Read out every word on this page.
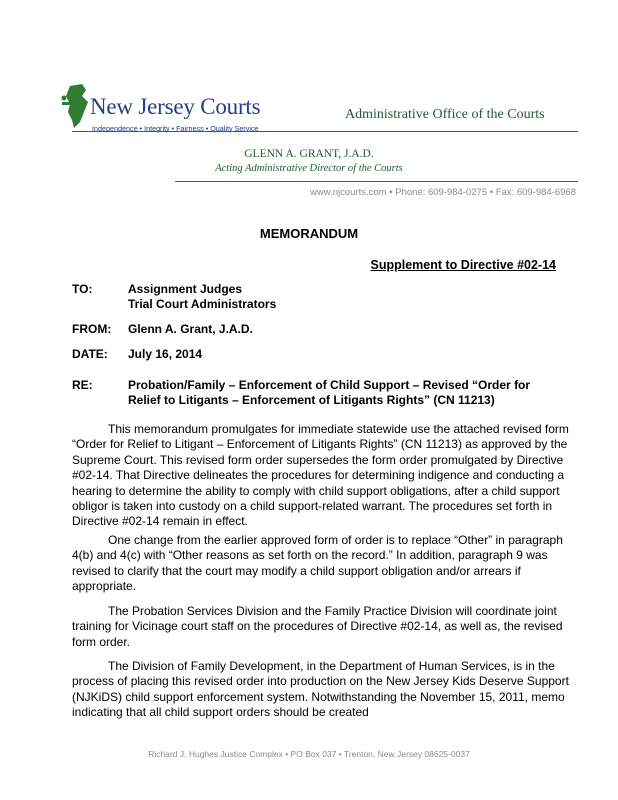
New Jersey Courts
Independence • Integrity • Fairness • Quality Service
Administrative Office of the Courts
GLENN A. GRANT, J.A.D.
Acting Administrative Director of the Courts
www.njcourts.com • Phone: 609-984-0275 • Fax: 609-984-6968
MEMORANDUM
Supplement to Directive #02-14
TO:	Assignment Judges
Trial Court Administrators
FROM: Glenn A. Grant, J.A.D.
DATE: July 16, 2014
RE:	Probation/Family – Enforcement of Child Support – Revised “Order for Relief to Litigants – Enforcement of Litigants Rights” (CN 11213)
This memorandum promulgates for immediate statewide use the attached revised form “Order for Relief to Litigant – Enforcement of Litigants Rights” (CN 11213) as approved by the Supreme Court. This revised form order supersedes the form order promulgated by Directive #02-14. That Directive delineates the procedures for determining indigence and conducting a hearing to determine the ability to comply with child support obligations, after a child support obligor is taken into custody on a child support-related warrant. The procedures set forth in Directive #02-14 remain in effect.
One change from the earlier approved form of order is to replace “Other” in paragraph 4(b) and 4(c) with “Other reasons as set forth on the record.” In addition, paragraph 9 was revised to clarify that the court may modify a child support obligation and/or arrears if appropriate.
The Probation Services Division and the Family Practice Division will coordinate joint training for Vicinage court staff on the procedures of Directive #02-14, as well as, the revised form order.
The Division of Family Development, in the Department of Human Services, is in the process of placing this revised order into production on the New Jersey Kids Deserve Support (NJKiDS) child support enforcement system. Notwithstanding the November 15, 2011, memo indicating that all child support orders should be created
Richard J. Hughes Justice Complex • PO Box 037 • Trenton, New Jersey 08625-0037
